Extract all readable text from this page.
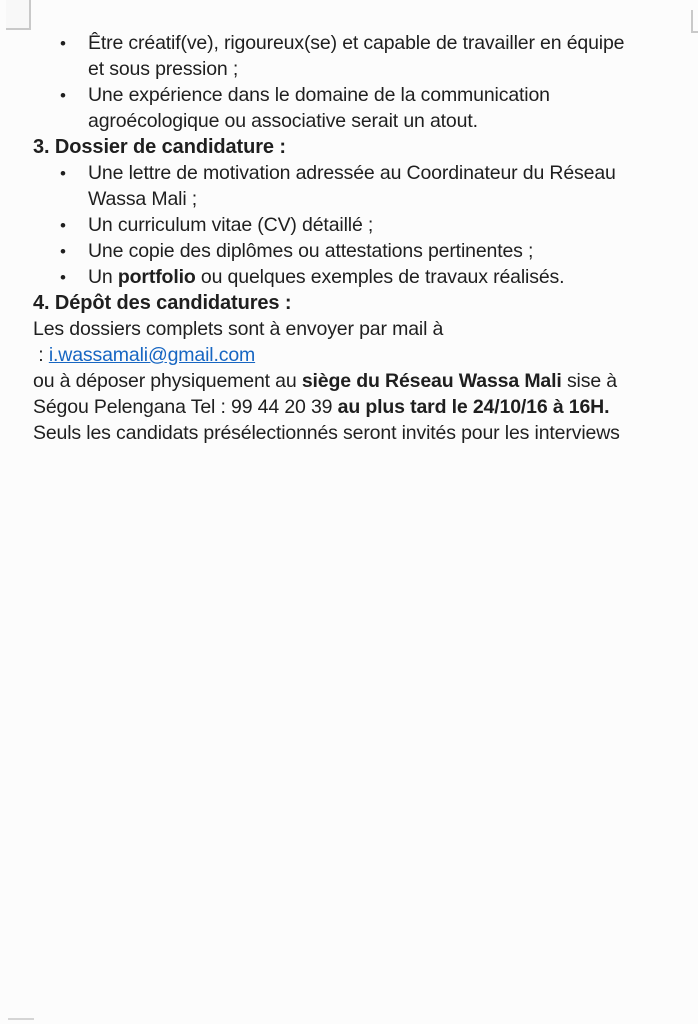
• Être créatif(ve), rigoureux(se) et capable de travailler en équipe
et sous pression ;
• Une expérience dans le domaine de la communication
agroécologique ou associative serait un atout.
3. Dossier de candidature :
• Une lettre de motivation adressée au Coordinateur du Réseau
Wassa Mali ;
• Un curriculum vitae (CV) détaillé ;
• Une copie des diplômes ou attestations pertinentes ;
• Un portfolio ou quelques exemples de travaux réalisés.
4. Dépôt des candidatures :

Les dossiers complets sont à envoyer par mail à
: i.wassamali@gmail.com
ou à déposer physiquement au siège du Réseau Wassa Mali sise à
Ségou Pelengana Tel : 99 44 20 39 au plus tard le 24/10/16 à 16H.

Seuls les candidats présélectionnés seront invités pour les interviews
